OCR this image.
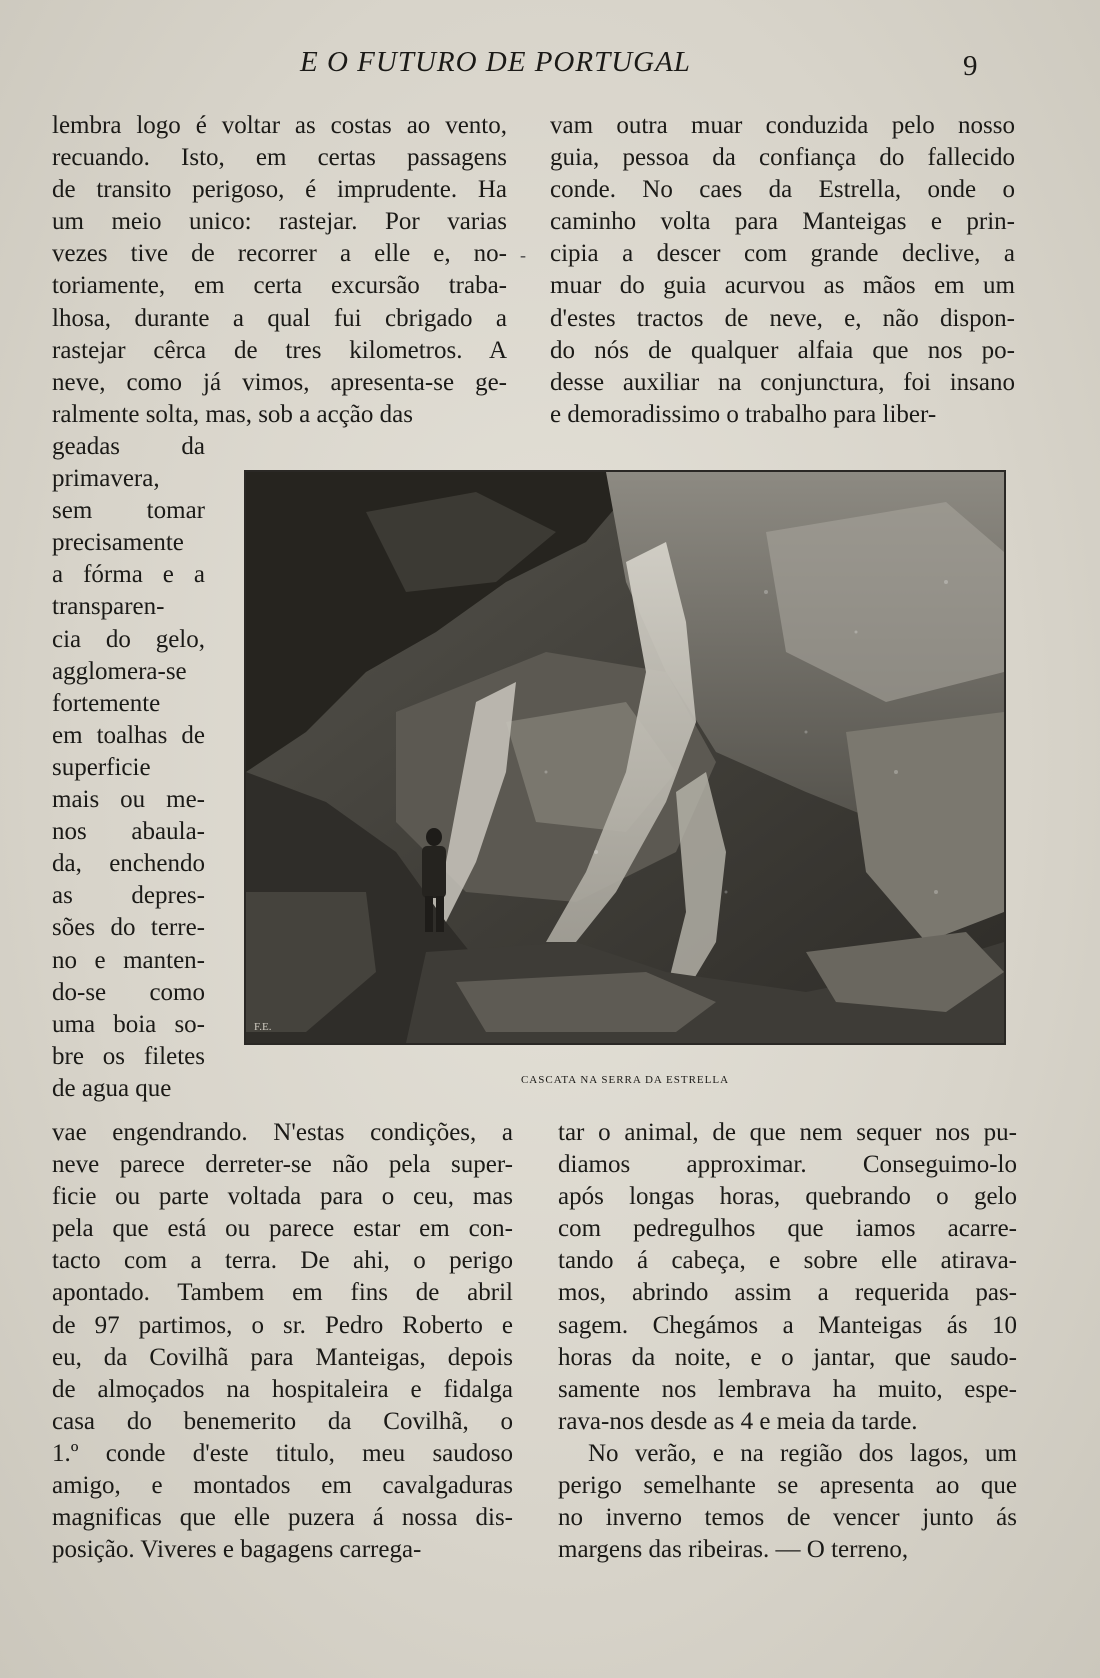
E O FUTURO DE PORTUGAL	9
lembra logo é voltar as costas ao vento,
recuando. Isto, em certas passagens
de transito perigoso, é imprudente. Ha
um meio unico: rastejar. Por varias
vezes tive de recorrer a elle e, no-
toriamente, em certa excursão traba-
lhosa, durante a qual fui cbrigado a
rastejar cêrca de tres kilometros. A
neve, como já vimos, apresenta-se ge-
ralmente solta, mas, sob a acção das
vam outra muar conduzida pelo nosso
guia, pessoa da confiança do fallecido
conde. No caes da Estrella, onde o
caminho volta para Manteigas e prin-
cipia a descer com grande declive, a
muar do guia acurvou as mãos em um
d'estes tractos de neve, e, não dispon-
do nós de qualquer alfaia que nos po-
desse auxiliar na conjunctura, foi insano
e demoradissimo o trabalho para liber-
geadas da
primavera,
sem tomar
precisamente
a fórma e a
transparen-
cia do gelo,
agglomera-se
fortemente
em toalhas de
superficie
mais ou me-
nos abaula-
da, enchendo
as depres-
sões do terre-
no e manten-
do-se como
uma boia so-
bre os filetes
de agua que
vae engendrando. N'estas condições, a
neve parece derreter-se não pela super-
ficie ou parte voltada para o ceu, mas
pela que está ou parece estar em con-
tacto com a terra. De ahi, o perigo
apontado. Tambem em fins de abril
de 97 partimos, o sr. Pedro Roberto e
eu, da Covilhã para Manteigas, depois
de almoçados na hospitaleira e fidalga
casa do benemerito da Covilhã, o
1.º conde d'este titulo, meu saudoso
amigo, e montados em cavalgaduras
magnificas que elle puzera á nossa dis-
posição. Viveres e bagagens carrega-
tar o animal, de que nem sequer nos pu-
diamos approximar. Conseguimo-lo
após longas horas, quebrando o gelo
com pedregulhos que iamos acarre-
tando á cabeça, e sobre elle atirava-
mos, abrindo assim a requerida pas-
sagem. Chegámos a Manteigas ás 10
horas da noite, e o jantar, que saudo-
samente nos lembrava ha muito, espe-
rava-nos desde as 4 e meia da tarde.
No verão, e na região dos lagos, um
perigo semelhante se apresenta ao que
no inverno temos de vencer junto ás
margens das ribeiras. — O terreno,
F.E.
CASCATA NA SERRA DA ESTRELLA
-
